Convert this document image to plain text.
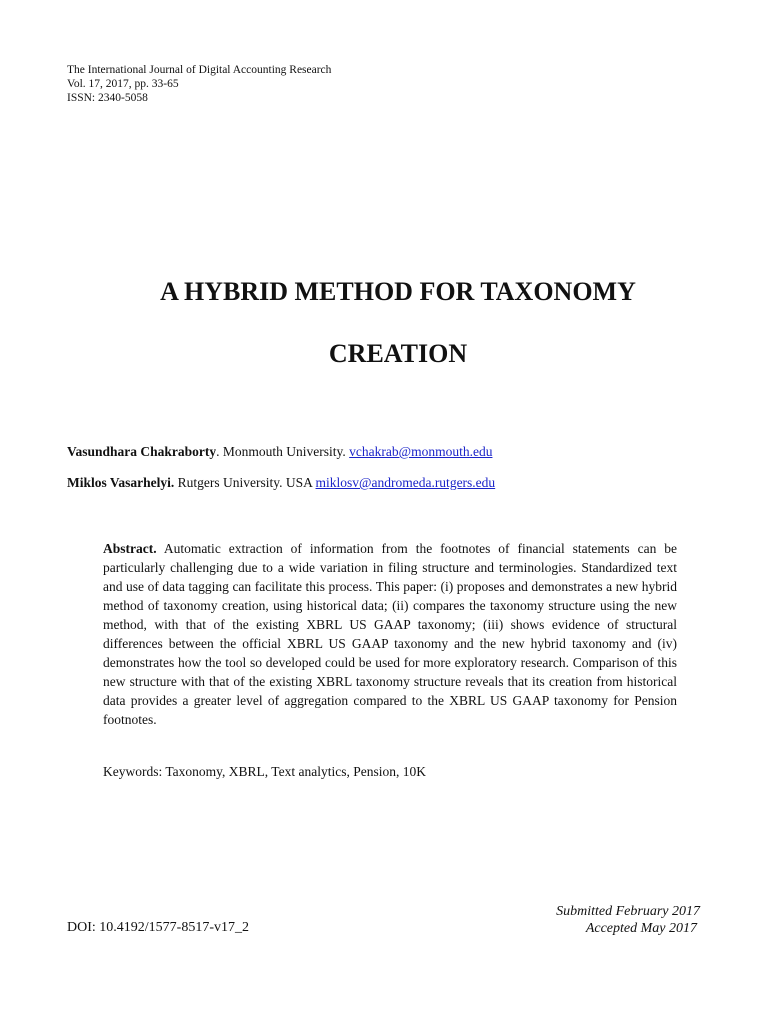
The International Journal of Digital Accounting Research
Vol. 17, 2017, pp. 33-65
ISSN: 2340-5058
A HYBRID METHOD FOR TAXONOMY
CREATION
Vasundhara Chakraborty. Monmouth University. vchakrab@monmouth.edu
Miklos Vasarhelyi. Rutgers University. USA miklosv@andromeda.rutgers.edu
Abstract. Automatic extraction of information from the footnotes of financial statements can be particularly challenging due to a wide variation in filing structure and terminologies. Standardized text and use of data tagging can facilitate this process. This paper: (i) proposes and demonstrates a new hybrid method of taxonomy creation, using historical data; (ii) compares the taxonomy structure using the new method, with that of the existing XBRL US GAAP taxonomy; (iii) shows evidence of structural differences between the official XBRL US GAAP taxonomy and the new hybrid taxonomy and (iv) demonstrates how the tool so developed could be used for more exploratory research. Comparison of this new structure with that of the existing XBRL taxonomy structure reveals that its creation from historical data provides a greater level of aggregation compared to the XBRL US GAAP taxonomy for Pension footnotes.
Keywords: Taxonomy, XBRL, Text analytics, Pension, 10K
DOI: 10.4192/1577-8517-v17_2
Submitted February 2017
Accepted May 2017
